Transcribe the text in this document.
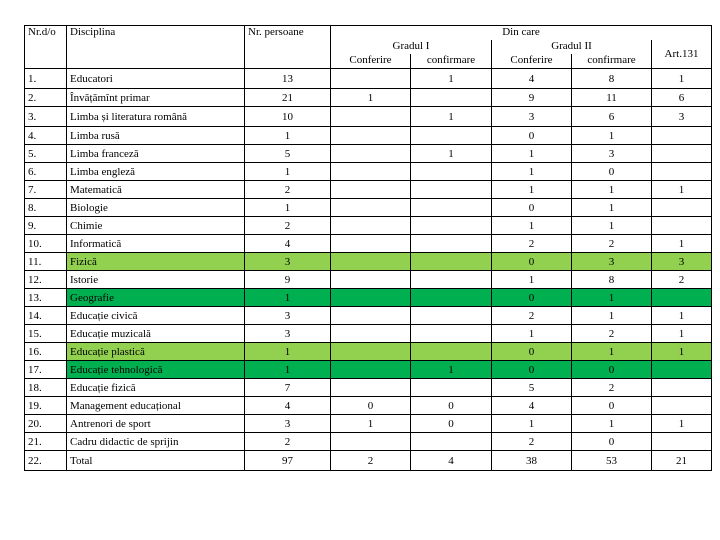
Nr.d/o	Disciplina	Nr. persoane	Din care				
			Gradul I		Gradul II		Art.131
			Conferire	confirmare	Conferire	confirmare	
1.	Educatori	13		1	4	8	1
2.	Învățămînt primar	21	1		9	11	6
3.	Limba și literatura română	10		1	3	6	3
4.	Limba rusă	1			0	1	
5.	Limba franceză	5		1	1	3	
6.	Limba engleză	1			1	0	
7.	Matematică	2			1	1	1
8.	Biologie	1			0	1	
9.	Chimie	2			1	1	
10.	Informatică	4			2	2	1
11.	Fizică	3			0	3	3
12.	Istorie	9			1	8	2
13.	Geografie	1			0	1	
14.	Educație civică	3			2	1	1
15.	Educație muzicală	3			1	2	1
16.	Educație plastică	1			0	1	1
17.	Educație tehnologică	1		1	0	0	
18.	Educație fizică	7			5	2	
19.	Management educațional	4	0	0	4	0	
20.	Antrenori de sport	3	1	0	1	1	1
21.	Cadru didactic de sprijin	2			2	0	
22.	Total	97	2	4	38	53	21
